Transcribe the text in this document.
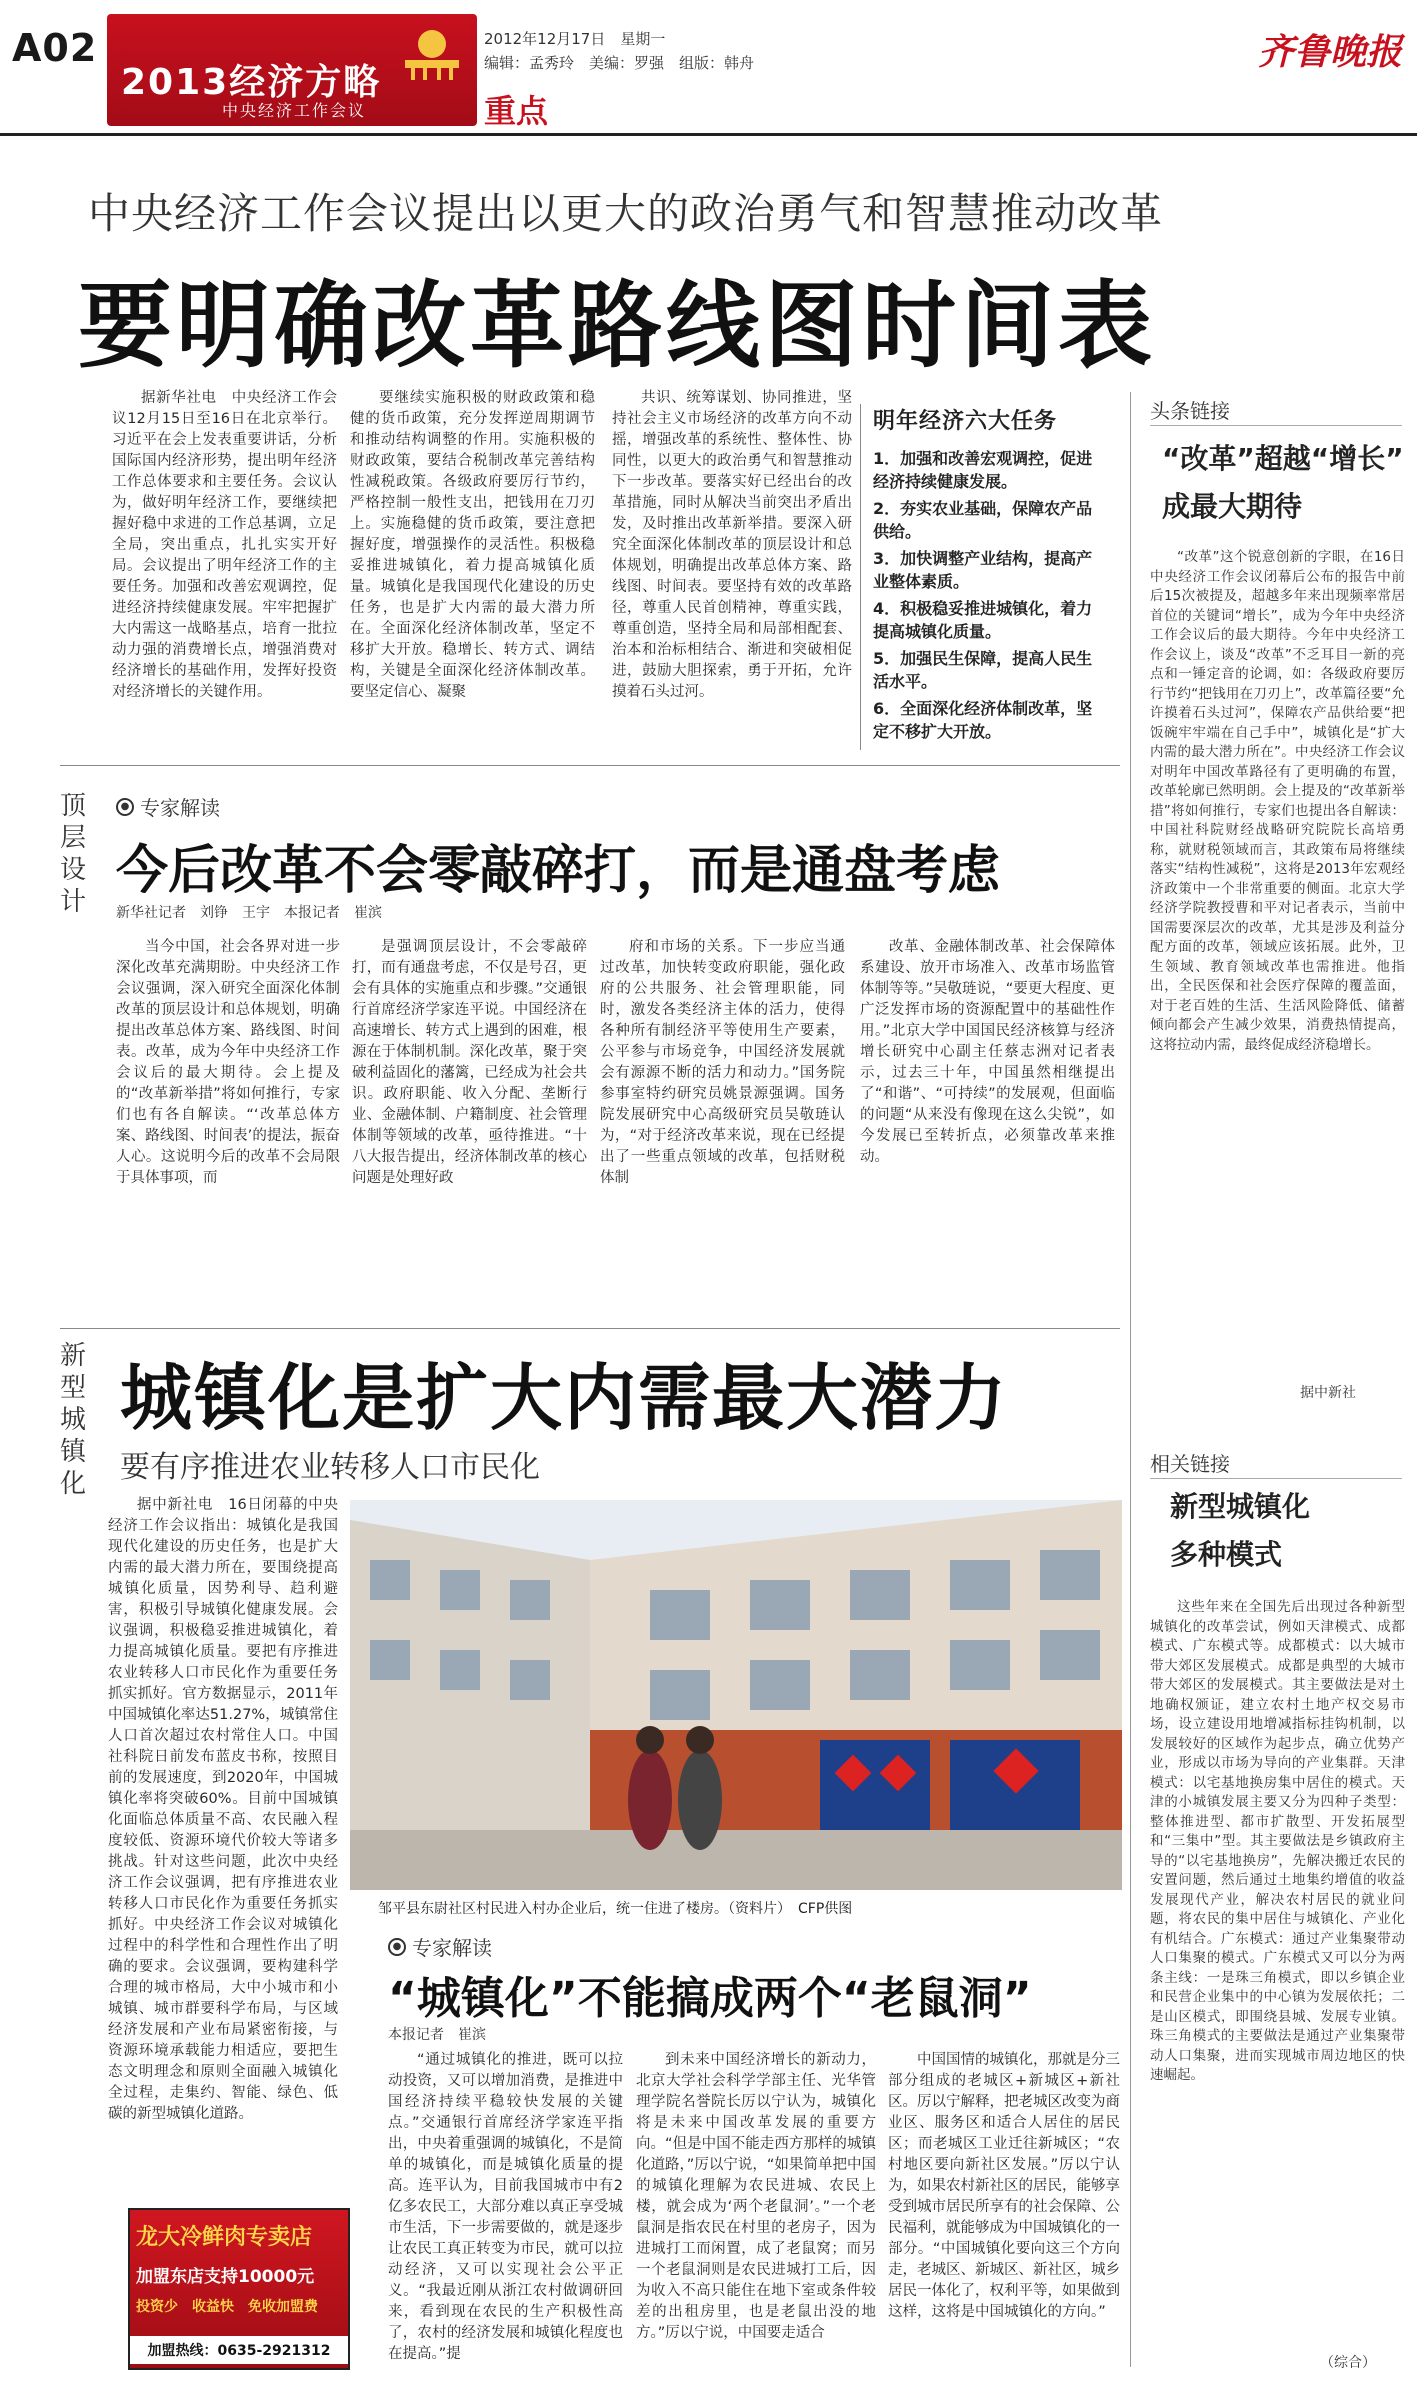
A02
2013经济方略
中央经济工作会议
2012年12月17日　星期一
编辑：孟秀玲　美编：罗强　组版：韩舟
重点
齐鲁晚报
中央经济工作会议提出以更大的政治勇气和智慧推动改革
要明确改革路线图时间表
据新华社电　中央经济工作会议12月15日至16日在北京举行。习近平在会上发表重要讲话，分析国际国内经济形势，提出明年经济工作总体要求和主要任务。会议认为，做好明年经济工作，要继续把握好稳中求进的工作总基调，立足全局，突出重点，扎扎实实开好局。会议提出了明年经济工作的主要任务。加强和改善宏观调控，促进经济持续健康发展。牢牢把握扩大内需这一战略基点，培育一批拉动力强的消费增长点，增强消费对经济增长的基础作用，发挥好投资对经济增长的关键作用。
要继续实施积极的财政政策和稳健的货币政策，充分发挥逆周期调节和推动结构调整的作用。实施积极的财政政策，要结合税制改革完善结构性减税政策。各级政府要厉行节约，严格控制一般性支出，把钱用在刀刃上。实施稳健的货币政策，要注意把握好度，增强操作的灵活性。积极稳妥推进城镇化，着力提高城镇化质量。城镇化是我国现代化建设的历史任务，也是扩大内需的最大潜力所在。全面深化经济体制改革，坚定不移扩大开放。稳增长、转方式、调结构，关键是全面深化经济体制改革。要坚定信心、凝聚
共识、统筹谋划、协同推进，坚持社会主义市场经济的改革方向不动摇，增强改革的系统性、整体性、协同性，以更大的政治勇气和智慧推动下一步改革。要落实好已经出台的改革措施，同时从解决当前突出矛盾出发，及时推出改革新举措。要深入研究全面深化体制改革的顶层设计和总体规划，明确提出改革总体方案、路线图、时间表。要坚持有效的改革路径，尊重人民首创精神，尊重实践，尊重创造，坚持全局和局部相配套、治本和治标相结合、渐进和突破相促进，鼓励大胆探索，勇于开拓，允许摸着石头过河。
明年经济六大任务
1．加强和改善宏观调控，促进经济持续健康发展。
2．夯实农业基础，保障农产品供给。
3．加快调整产业结构，提高产业整体素质。
4．积极稳妥推进城镇化，着力提高城镇化质量。
5．加强民生保障，提高人民生活水平。
6．全面深化经济体制改革，坚定不移扩大开放。
顶层设计
● 专家解读
今后改革不会零敲碎打，而是通盘考虑
新华社记者　刘铮　王宇　本报记者　崔滨
当今中国，社会各界对进一步深化改革充满期盼。中央经济工作会议强调，深入研究全面深化体制改革的顶层设计和总体规划，明确提出改革总体方案、路线图、时间表。改革，成为今年中央经济工作会议后的最大期待。会上提及的“改革新举措”将如何推行，专家们也有各自解读。“‘改革总体方案、路线图、时间表’的提法，振奋人心。这说明今后的改革不会局限于具体事项，而
是强调顶层设计，不会零敲碎打，而有通盘考虑，不仅是号召，更会有具体的实施重点和步骤。”交通银行首席经济学家连平说。中国经济在高速增长、转方式上遇到的困难，根源在于体制机制。深化改革，聚于突破利益固化的藩篱，已经成为社会共识。政府职能、收入分配、垄断行业、金融体制、户籍制度、社会管理体制等领域的改革，亟待推进。“十八大报告提出，经济体制改革的核心问题是处理好政
府和市场的关系。下一步应当通过改革，加快转变政府职能，强化政府的公共服务、社会管理职能，同时，激发各类经济主体的活力，使得各种所有制经济平等使用生产要素，公平参与市场竞争，中国经济发展就会有源源不断的活力和动力。”国务院参事室特约研究员姚景源强调。国务院发展研究中心高级研究员吴敬琏认为，“对于经济改革来说，现在已经提出了一些重点领域的改革，包括财税体制
改革、金融体制改革、社会保障体系建设、放开市场准入、改革市场监管体制等等。”吴敬琏说，“要更大程度、更广泛发挥市场的资源配置中的基础性作用。”北京大学中国国民经济核算与经济增长研究中心副主任蔡志洲对记者表示，过去三十年，中国虽然相继提出了“和谐”、“可持续”的发展观，但面临的问题“从来没有像现在这么尖锐”，如今发展已至转折点，必须靠改革来推动。
新型城镇化
城镇化是扩大内需最大潜力
要有序推进农业转移人口市民化
据中新社电　16日闭幕的中央经济工作会议指出：城镇化是我国现代化建设的历史任务，也是扩大内需的最大潜力所在，要围绕提高城镇化质量，因势利导、趋利避害，积极引导城镇化健康发展。会议强调，积极稳妥推进城镇化，着力提高城镇化质量。要把有序推进农业转移人口市民化作为重要任务抓实抓好。官方数据显示，2011年中国城镇化率达51.27%，城镇常住人口首次超过农村常住人口。中国社科院日前发布蓝皮书称，按照目前的发展速度，到2020年，中国城镇化率将突破60%。目前中国城镇化面临总体质量不高、农民融入程度较低、资源环境代价较大等诸多挑战。针对这些问题，此次中央经济工作会议强调，把有序推进农业转移人口市民化作为重要任务抓实抓好。中央经济工作会议对城镇化过程中的科学性和合理性作出了明确的要求。会议强调，要构建科学合理的城市格局，大中小城市和小城镇、城市群要科学布局，与区域经济发展和产业布局紧密衔接，与资源环境承载能力相适应，要把生态文明理念和原则全面融入城镇化全过程，走集约、智能、绿色、低碳的新型城镇化道路。
邹平县东尉社区村民进入村办企业后，统一住进了楼房。（资料片）　CFP供图
● 专家解读
“城镇化”不能搞成两个“老鼠洞”
本报记者　崔滨
“通过城镇化的推进，既可以拉动投资，又可以增加消费，是推进中国经济持续平稳较快发展的关键点。”交通银行首席经济学家连平指出，中央着重强调的城镇化，不是简单的城镇化，而是城镇化质量的提高。连平认为，目前我国城市中有2亿多农民工，大部分难以真正享受城市生活，下一步需要做的，就是逐步让农民工真正转变为市民，就可以拉动经济，又可以实现社会公平正义。“我最近刚从浙江农村做调研回来，看到现在农民的生产积极性高了，农村的经济发展和城镇化程度也在提高。”提
到未来中国经济增长的新动力，北京大学社会科学学部主任、光华管理学院名誉院长厉以宁认为，城镇化将是未来中国改革发展的重要方向。“但是中国不能走西方那样的城镇化道路，”厉以宁说，“如果简单把中国的城镇化理解为农民进城、农民上楼，就会成为‘两个老鼠洞’。”一个老鼠洞是指农民在村里的老房子，因为进城打工而闲置，成了老鼠窝；而另一个老鼠洞则是农民进城打工后，因为收入不高只能住在地下室或条件较差的出租房里，也是老鼠出没的地方。”厉以宁说，中国要走适合
中国国情的城镇化，那就是分三部分组成的老城区+新城区+新社区。厉以宁解释，把老城区改变为商业区、服务区和适合人居住的居民区；而老城区工业迁往新城区；“农村地区要向新社区发展。”厉以宁认为，如果农村新社区的居民，能够享受到城市居民所享有的社会保障、公民福利，就能够成为中国城镇化的一部分。“中国城镇化要向这三个方向走，老城区、新城区、新社区，城乡居民一体化了，权利平等，如果做到这样，这将是中国城镇化的方向。”
龙大冷鲜肉专卖店
加盟东店支持10000元
投资少　收益快　免收加盟费
加盟热线：0635-2921312
头条链接
“改革”超越“增长”
成最大期待
“改革”这个锐意创新的字眼，在16日中央经济工作会议闭幕后公布的报告中前后15次被提及，超越多年来出现频率常居首位的关键词“增长”，成为今年中央经济工作会议后的最大期待。今年中央经济工作会议上，谈及“改革”不乏耳目一新的亮点和一锤定音的论调，如：各级政府要厉行节约“把钱用在刀刃上”，改革篇径要“允许摸着石头过河”，保障农产品供给要“把饭碗牢牢端在自己手中”，城镇化是“扩大内需的最大潜力所在”。中央经济工作会议对明年中国改革路径有了更明确的布置，改革轮廓已然明朗。会上提及的“改革新举措”将如何推行，专家们也提出各自解读：中国社科院财经战略研究院院长高培勇称，就财税领域而言，其政策布局将继续落实“结构性减税”，这将是2013年宏观经济政策中一个非常重要的侧面。北京大学经济学院教授曹和平对记者表示，当前中国需要深层次的改革，尤其是涉及利益分配方面的改革，领域应该拓展。此外，卫生领域、教育领域改革也需推进。他指出，全民医保和社会医疗保障的覆盖面，对于老百姓的生活、生活风险降低、储蓄倾向都会产生减少效果，消费热情提高，这将拉动内需，最终促成经济稳增长。
据中新社
相关链接
新型城镇化
多种模式
这些年来在全国先后出现过各种新型城镇化的改革尝试，例如天津模式、成都模式、广东模式等。成都模式：以大城市带大郊区发展模式。成都是典型的大城市带大郊区的发展模式。其主要做法是对土地确权颁证，建立农村土地产权交易市场，设立建设用地增减指标挂钩机制，以发展较好的区域作为起步点，确立优势产业，形成以市场为导向的产业集群。天津模式：以宅基地换房集中居住的模式。天津的小城镇发展主要又分为四种子类型：整体推进型、都市扩散型、开发拓展型和“三集中”型。其主要做法是乡镇政府主导的“以宅基地换房”，先解决搬迁农民的安置问题，然后通过土地集约增值的收益发展现代产业，解决农村居民的就业问题，将农民的集中居住与城镇化、产业化有机结合。广东模式：通过产业集聚带动人口集聚的模式。广东模式又可以分为两条主线：一是珠三角模式，即以乡镇企业和民营企业集中的中心镇为发展依托；二是山区模式，即围绕县城、发展专业镇。珠三角模式的主要做法是通过产业集聚带动人口集聚，进而实现城市周边地区的快速崛起。
（综合）
